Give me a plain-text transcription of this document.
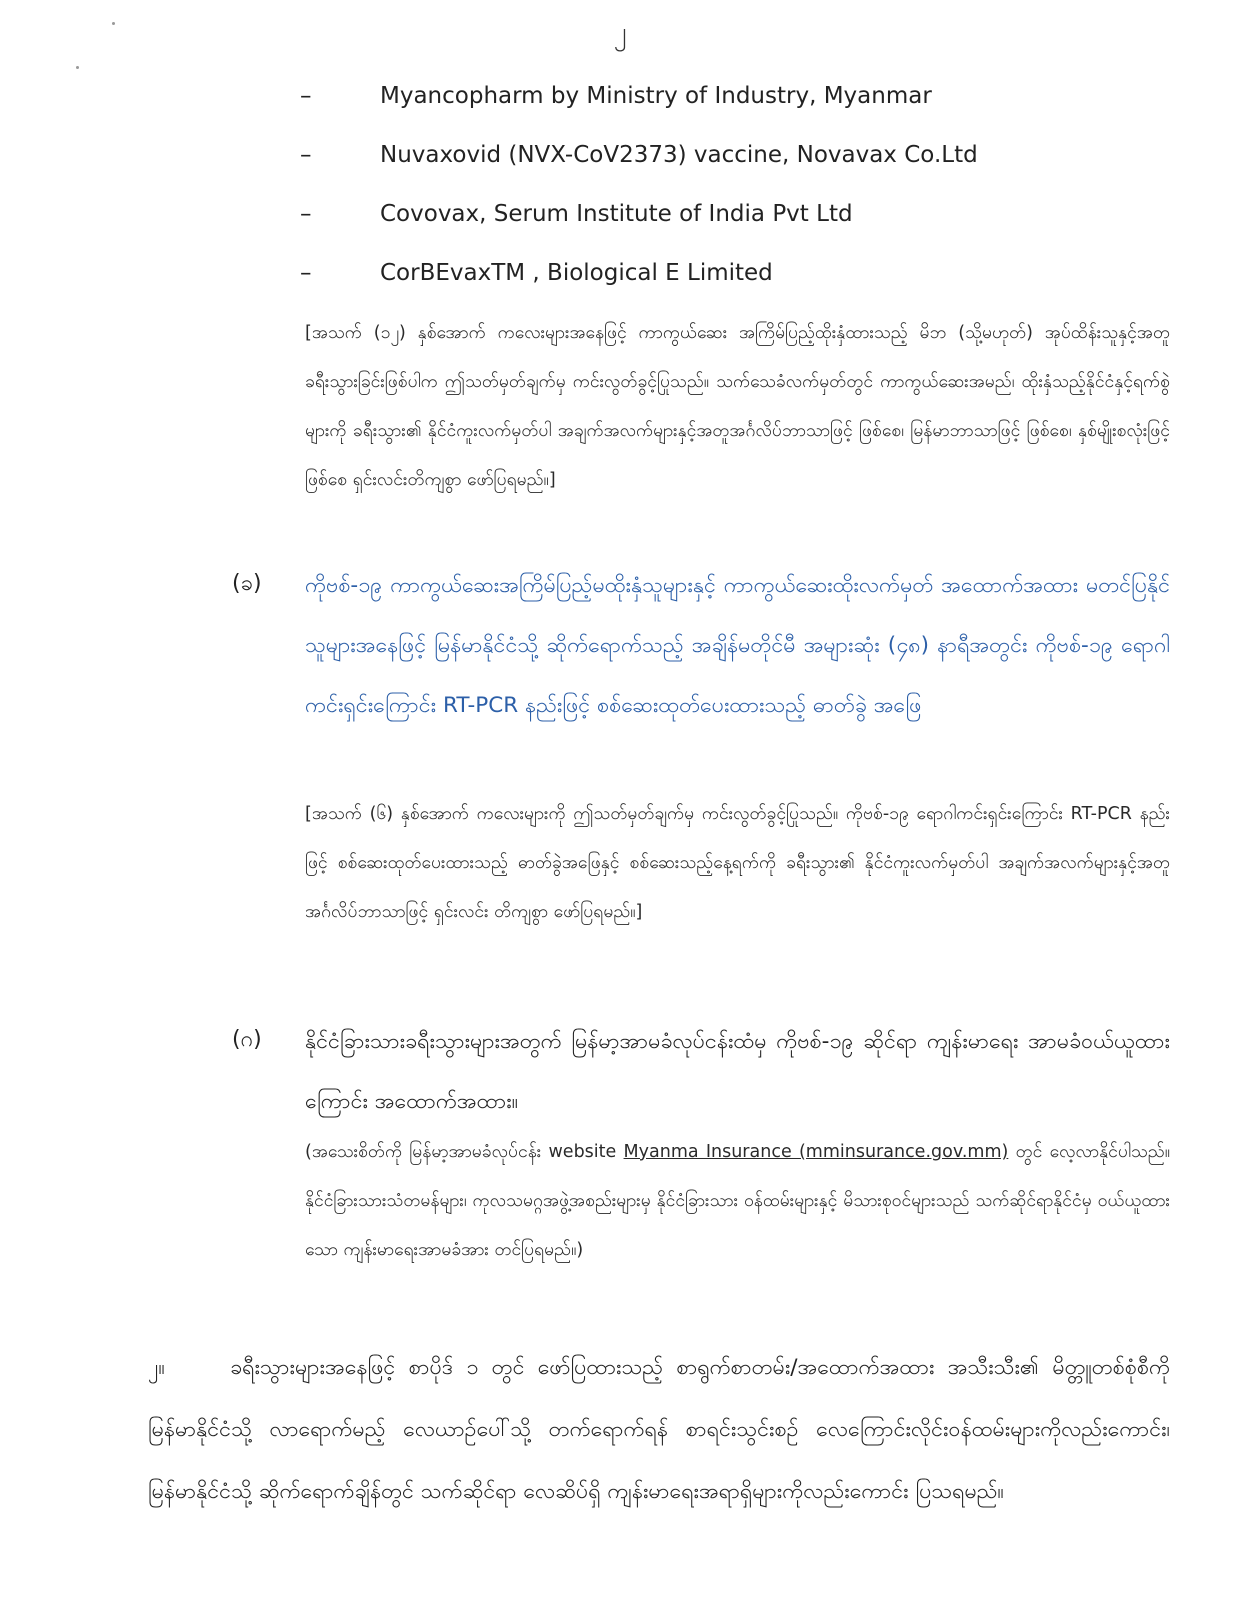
၂
–	Myancopharm by Ministry of Industry, Myanmar
–	Nuvaxovid (NVX-CoV2373) vaccine, Novavax Co.Ltd
–	Covovax, Serum Institute of India Pvt Ltd
–	CorBEvaxTM , Biological E Limited
[အသက် (၁၂) နှစ်အောက် ကလေးများအနေဖြင့် ကာကွယ်ဆေး အကြိမ်ပြည့်ထိုးနှံထားသည့် မိဘ (သို့မဟုတ်) အုပ်ထိန်းသူနှင့်အတူ ခရီးသွားခြင်းဖြစ်ပါက ဤသတ်မှတ်ချက်မှ ကင်းလွတ်ခွင့်ပြုသည်။ သက်သေခံလက်မှတ်တွင် ကာကွယ်ဆေးအမည်၊ ထိုးနှံသည့်နိုင်ငံနှင့်ရက်စွဲများကို ခရီးသွား၏ နိုင်ငံကူးလက်မှတ်ပါ အချက်အလက်များနှင့်အတူအင်္ဂလိပ်ဘာသာဖြင့် ဖြစ်စေ၊ မြန်မာဘာသာဖြင့် ဖြစ်စေ၊ နှစ်မျိုးစလုံးဖြင့် ဖြစ်စေ ရှင်းလင်းတိကျစွာ ဖော်ပြရမည်။]
(ခ) ကိုဗစ်-၁၉ ကာကွယ်ဆေးအကြိမ်ပြည့်မထိုးနှံသူများနှင့် ကာကွယ်ဆေးထိုးလက်မှတ် အထောက်အထား မတင်ပြနိုင်သူများအနေဖြင့် မြန်မာနိုင်ငံသို့ ဆိုက်ရောက်သည့် အချိန်မတိုင်မီ အများဆုံး (၄၈) နာရီအတွင်း ကိုဗစ်-၁၉ ရောဂါကင်းရှင်းကြောင်း RT-PCR နည်းဖြင့် စစ်ဆေးထုတ်ပေးထားသည့် ဓာတ်ခွဲ အဖြေ
[အသက် (၆) နှစ်အောက် ကလေးများကို ဤသတ်မှတ်ချက်မှ ကင်းလွတ်ခွင့်ပြုသည်။ ကိုဗစ်-၁၉ ရောဂါကင်းရှင်းကြောင်း RT-PCR နည်းဖြင့် စစ်ဆေးထုတ်ပေးထားသည့် ဓာတ်ခွဲအဖြေနှင့် စစ်ဆေးသည့်နေ့ရက်ကို ခရီးသွား၏ နိုင်ငံကူးလက်မှတ်ပါ အချက်အလက်များနှင့်အတူ အင်္ဂလိပ်ဘာသာဖြင့် ရှင်းလင်း တိကျစွာ ဖော်ပြရမည်။]
(ဂ) နိုင်ငံခြားသားခရီးသွားများအတွက် မြန်မာ့အာမခံလုပ်ငန်းထံမှ ကိုဗစ်-၁၉ ဆိုင်ရာ ကျန်းမာရေး အာမခံဝယ်ယူထားကြောင်း အထောက်အထား။
(အသေးစိတ်ကို မြန်မာ့အာမခံလုပ်ငန်း website Myanma Insurance (mminsurance.gov.mm) တွင် လေ့လာနိုင်ပါသည်။ နိုင်ငံခြားသားသံတမန်များ၊ ကုလသမဂ္ဂအဖွဲ့အစည်းများမှ နိုင်ငံခြားသား ဝန်ထမ်းများနှင့် မိသားစုဝင်များသည် သက်ဆိုင်ရာနိုင်ငံမှ ဝယ်ယူထားသော ကျန်းမာရေးအာမခံအား တင်ပြရမည်။)
၂။	ခရီးသွားများအနေဖြင့် စာပိုဒ် ၁ တွင် ဖော်ပြထားသည့် စာရွက်စာတမ်း/အထောက်အထား အသီးသီး၏ မိတ္တူတစ်စုံစီကို မြန်မာနိုင်ငံသို့ လာရောက်မည့် လေယာဉ်ပေါ်သို့ တက်ရောက်ရန် စာရင်းသွင်းစဉ် လေကြောင်းလိုင်းဝန်ထမ်းများကိုလည်းကောင်း၊ မြန်မာနိုင်ငံသို့ ဆိုက်ရောက်ချိန်တွင် သက်ဆိုင်ရာ လေဆိပ်ရှိ ကျန်းမာရေးအရာရှိများကိုလည်းကောင်း ပြသရမည်။
